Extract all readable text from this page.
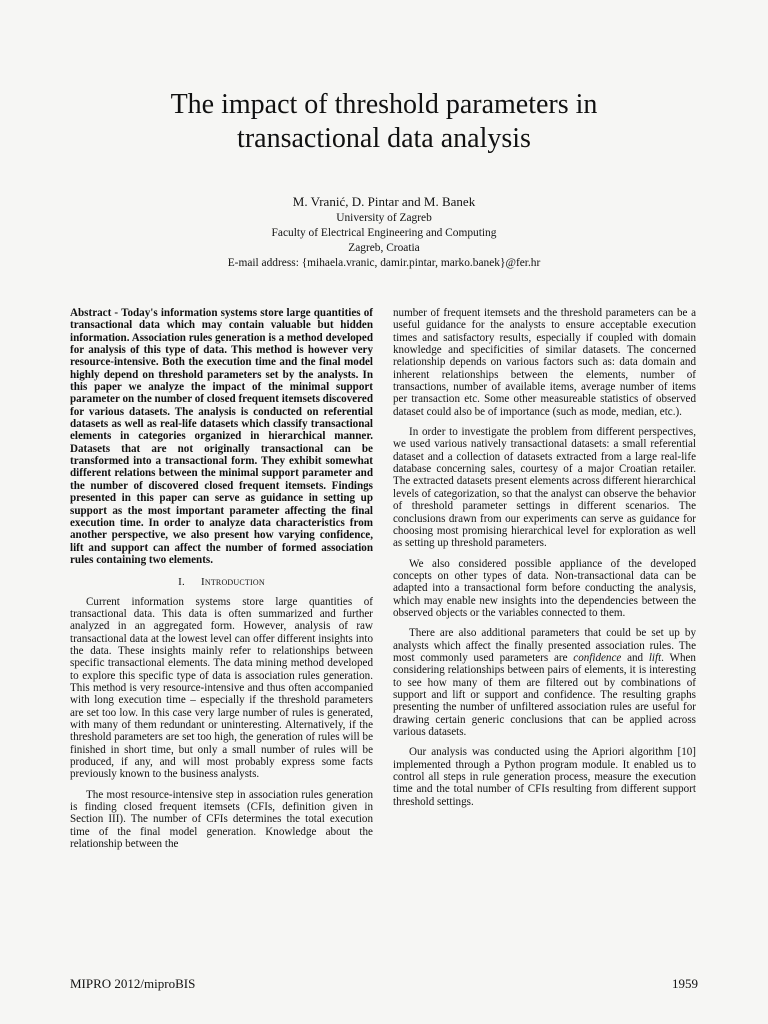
The impact of threshold parameters in
transactional data analysis
M. Vranić, D. Pintar and M. Banek
University of Zagreb
Faculty of Electrical Engineering and Computing
Zagreb, Croatia
E-mail address: {mihaela.vranic, damir.pintar, marko.banek}@fer.hr

Abstract - Today's information systems store large quantities of transactional data which may contain valuable but hidden information. Association rules generation is a method developed for analysis of this type of data. This method is however very resource-intensive. Both the execution time and the final model highly depend on threshold parameters set by the analysts. In this paper we analyze the impact of the minimal support parameter on the number of closed frequent itemsets discovered for various datasets. The analysis is conducted on referential datasets as well as real-life datasets which classify transactional elements in categories organized in hierarchical manner. Datasets that are not originally transactional can be transformed into a transactional form. They exhibit somewhat different relations between the minimal support parameter and the number of discovered closed frequent itemsets. Findings presented in this paper can serve as guidance in setting up support as the most important parameter affecting the final execution time. In order to analyze data characteristics from another perspective, we also present how varying confidence, lift and support can affect the number of formed association rules containing two elements.

I. Introduction

Current information systems store large quantities of transactional data. This data is often summarized and further analyzed in an aggregated form. However, analysis of raw transactional data at the lowest level can offer different insights into the data. These insights mainly refer to relationships between specific transactional elements. The data mining method developed to explore this specific type of data is association rules generation. This method is very resource-intensive and thus often accompanied with long execution time – especially if the threshold parameters are set too low. In this case very large number of rules is generated, with many of them redundant or uninteresting. Alternatively, if the threshold parameters are set too high, the generation of rules will be finished in short time, but only a small number of rules will be produced, if any, and will most probably express some facts previously known to the business analysts.

The most resource-intensive step in association rules generation is finding closed frequent itemsets (CFIs, definition given in Section III). The number of CFIs determines the total execution time of the final model generation. Knowledge about the relationship between the

number of frequent itemsets and the threshold parameters can be a useful guidance for the analysts to ensure acceptable execution times and satisfactory results, especially if coupled with domain knowledge and specificities of similar datasets. The concerned relationship depends on various factors such as: data domain and inherent relationships between the elements, number of transactions, number of available items, average number of items per transaction etc. Some other measureable statistics of observed dataset could also be of importance (such as mode, median, etc.).

In order to investigate the problem from different perspectives, we used various natively transactional datasets: a small referential dataset and a collection of datasets extracted from a large real-life database concerning sales, courtesy of a major Croatian retailer. The extracted datasets present elements across different hierarchical levels of categorization, so that the analyst can observe the behavior of threshold parameter settings in different scenarios. The conclusions drawn from our experiments can serve as guidance for choosing most promising hierarchical level for exploration as well as setting up threshold parameters.

We also considered possible appliance of the developed concepts on other types of data. Non-transactional data can be adapted into a transactional form before conducting the analysis, which may enable new insights into the dependencies between the observed objects or the variables connected to them.

There are also additional parameters that could be set up by analysts which affect the finally presented association rules. The most commonly used parameters are confidence and lift. When considering relationships between pairs of elements, it is interesting to see how many of them are filtered out by combinations of support and lift or support and confidence. The resulting graphs presenting the number of unfiltered association rules are useful for drawing certain generic conclusions that can be applied across various datasets.

Our analysis was conducted using the Apriori algorithm [10] implemented through a Python program module. It enabled us to control all steps in rule generation process, measure the execution time and the total number of CFIs resulting from different support threshold settings.

MIPRO 2012/miproBIS	1959
